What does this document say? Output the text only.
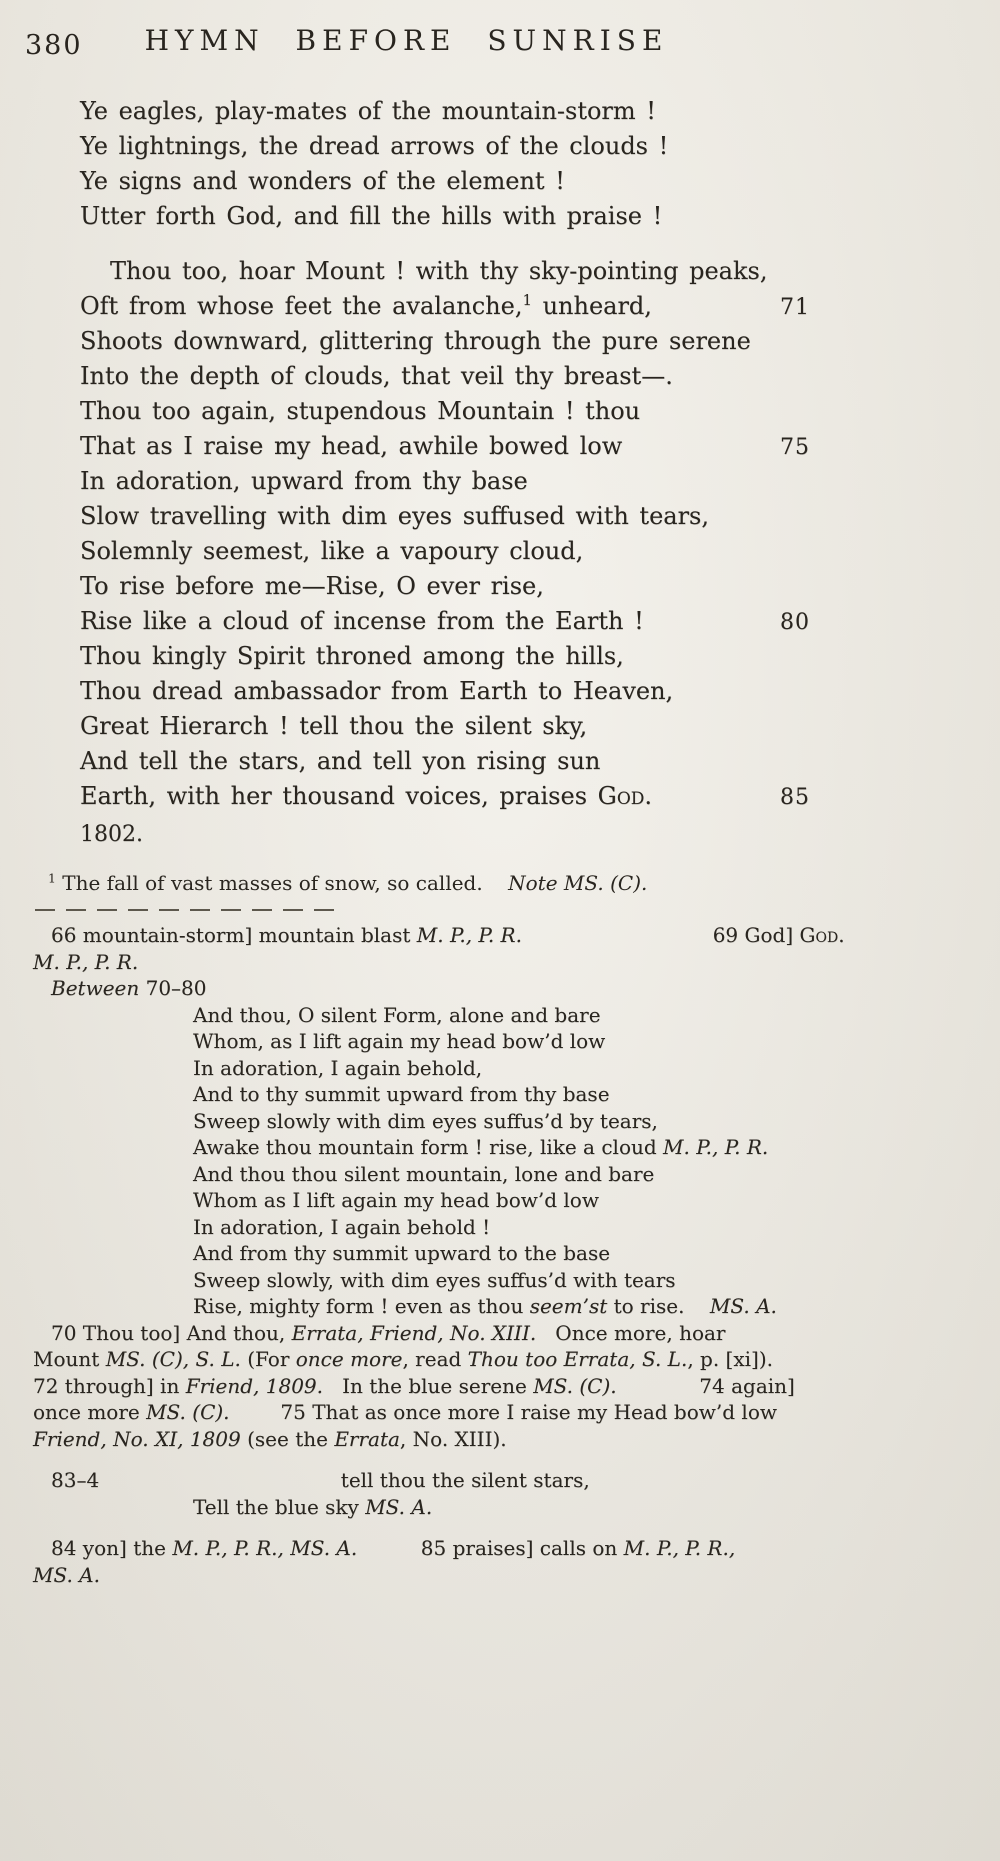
380	HYMN BEFORE SUNRISE
Ye eagles, play-mates of the mountain-storm !
Ye lightnings, the dread arrows of the clouds !
Ye signs and wonders of the element !
Utter forth God, and fill the hills with praise !
Thou too, hoar Mount ! with thy sky-pointing peaks,
Oft from whose feet the avalanche,$^1$ unheard,	71
Shoots downward, glittering through the pure serene
Into the depth of clouds, that veil thy breast—.
Thou too again, stupendous Mountain ! thou
That as I raise my head, awhile bowed low	75
In adoration, upward from thy base
Slow travelling with dim eyes suffused with tears,
Solemnly seemest, like a vapoury cloud,
To rise before me—Rise, O ever rise,
Rise like a cloud of incense from the Earth !	80
Thou kingly Spirit throned among the hills,
Thou dread ambassador from Earth to Heaven,
Great Hierarch ! tell thou the silent sky,
And tell the stars, and tell yon rising sun
Earth, with her thousand voices, praises God.	85
1802.
$^1$ The fall of vast masses of snow, so called.    Note MS. (C).
66 mountain-storm] mountain blast M. P., P. R.	69 God] God.
M. P., P. R.
Between 70–80
And thou, O silent Form, alone and bare
Whom, as I lift again my head bow’d low
In adoration, I again behold,
And to thy summit upward from thy base
Sweep slowly with dim eyes suffus’d by tears,
Awake thou mountain form ! rise, like a cloud M. P., P. R.
And thou thou silent mountain, lone and bare
Whom as I lift again my head bow’d low
In adoration, I again behold !
And from thy summit upward to the base
Sweep slowly, with dim eyes suffus’d with tears
Rise, mighty form ! even as thou seem’st to rise.    MS. A.
70 Thou too] And thou, Errata, Friend, No. XIII.   Once more, hoar
Mount MS. (C), S. L. (For once more, read Thou too Errata, S. L., p. [xi]).
72 through] in Friend, 1809.   In the blue serene MS. (C).	74 again]
once more MS. (C).	75 That as once more I raise my Head bow’d low
Friend, No. XI, 1809 (see the Errata, No. XIII).
83–4	tell thou the silent stars,
Tell the blue sky MS. A.
84 yon] the M. P., P. R., MS. A.	85 praises] calls on M. P., P. R.,
MS. A.
